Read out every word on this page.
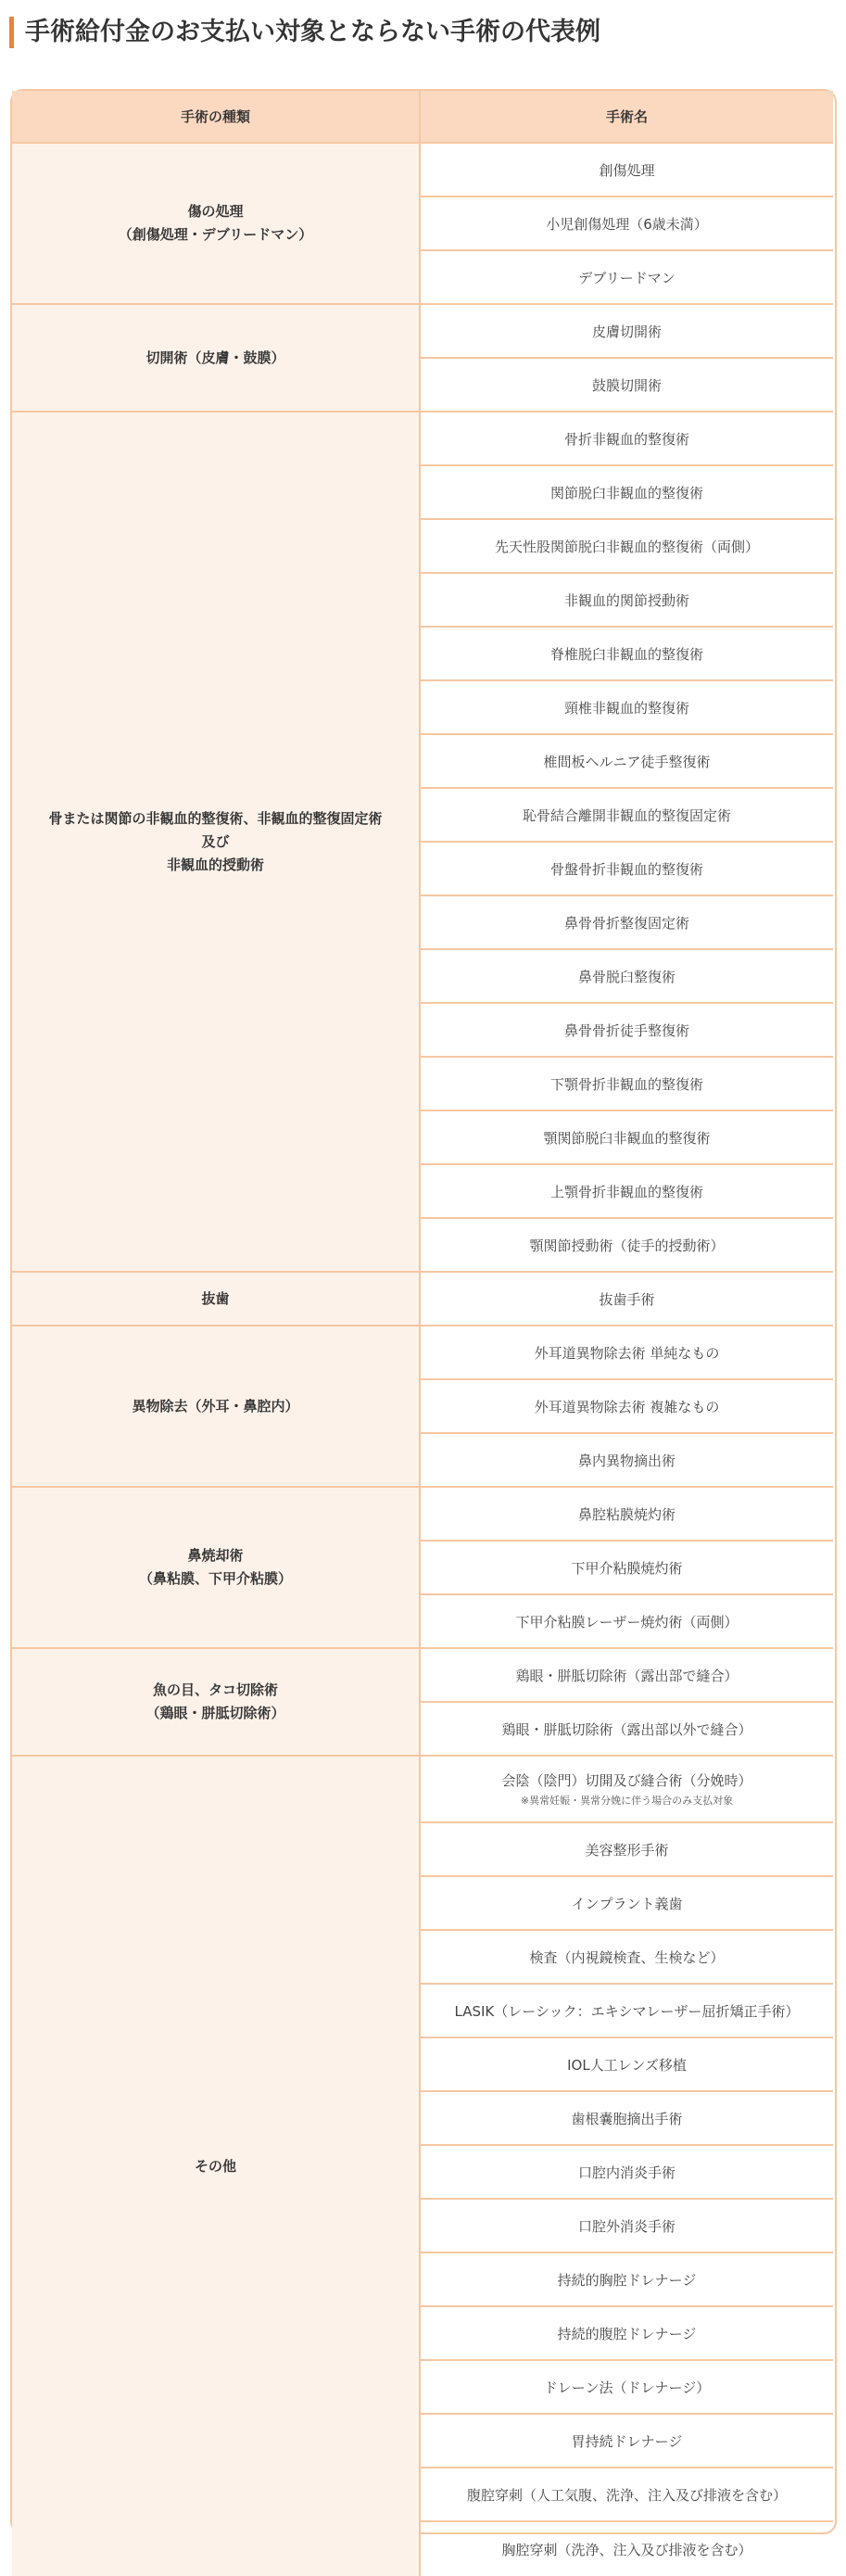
手術給付金のお支払い対象とならない手術の代表例
手術の種類	手術名
傷の処理
（創傷処理・デブリードマン）
創傷処理
小児創傷処理（6歳未満）
デブリードマン
切開術（皮膚・鼓膜）
皮膚切開術
鼓膜切開術
骨または関節の非観血的整復術、非観血的整復固定術
及び
非観血的授動術
骨折非観血的整復術
関節脱臼非観血的整復術
先天性股関節脱臼非観血的整復術（両側）
非観血的関節授動術
脊椎脱臼非観血的整復術
頸椎非観血的整復術
椎間板ヘルニア徒手整復術
恥骨結合離開非観血的整復固定術
骨盤骨折非観血的整復術
鼻骨骨折整復固定術
鼻骨脱臼整復術
鼻骨骨折徒手整復術
下顎骨折非観血的整復術
顎関節脱臼非観血的整復術
上顎骨折非観血的整復術
顎関節授動術（徒手的授動術）
抜歯	抜歯手術
異物除去（外耳・鼻腔内）
外耳道異物除去術 単純なもの
外耳道異物除去術 複雑なもの
鼻内異物摘出術
鼻焼却術
（鼻粘膜、下甲介粘膜）
鼻腔粘膜焼灼術
下甲介粘膜焼灼術
下甲介粘膜レーザー焼灼術（両側）
魚の目、タコ切除術
（鶏眼・胼胝切除術）
鶏眼・胼胝切除術（露出部で縫合）
鶏眼・胼胝切除術（露出部以外で縫合）
その他
会陰（陰門）切開及び縫合術（分娩時）
※異常妊娠・異常分娩に伴う場合のみ支払対象
美容整形手術
インプラント義歯
検査（内視鏡検査、生検など）
LASIK（レーシック：エキシマレーザー屈折矯正手術）
IOL人工レンズ移植
歯根嚢胞摘出手術
口腔内消炎手術
口腔外消炎手術
持続的胸腔ドレナージ
持続的腹腔ドレナージ
ドレーン法（ドレナージ）
胃持続ドレナージ
腹腔穿刺（人工気腹、洗浄、注入及び排液を含む）
胸腔穿刺（洗浄、注入及び排液を含む）
